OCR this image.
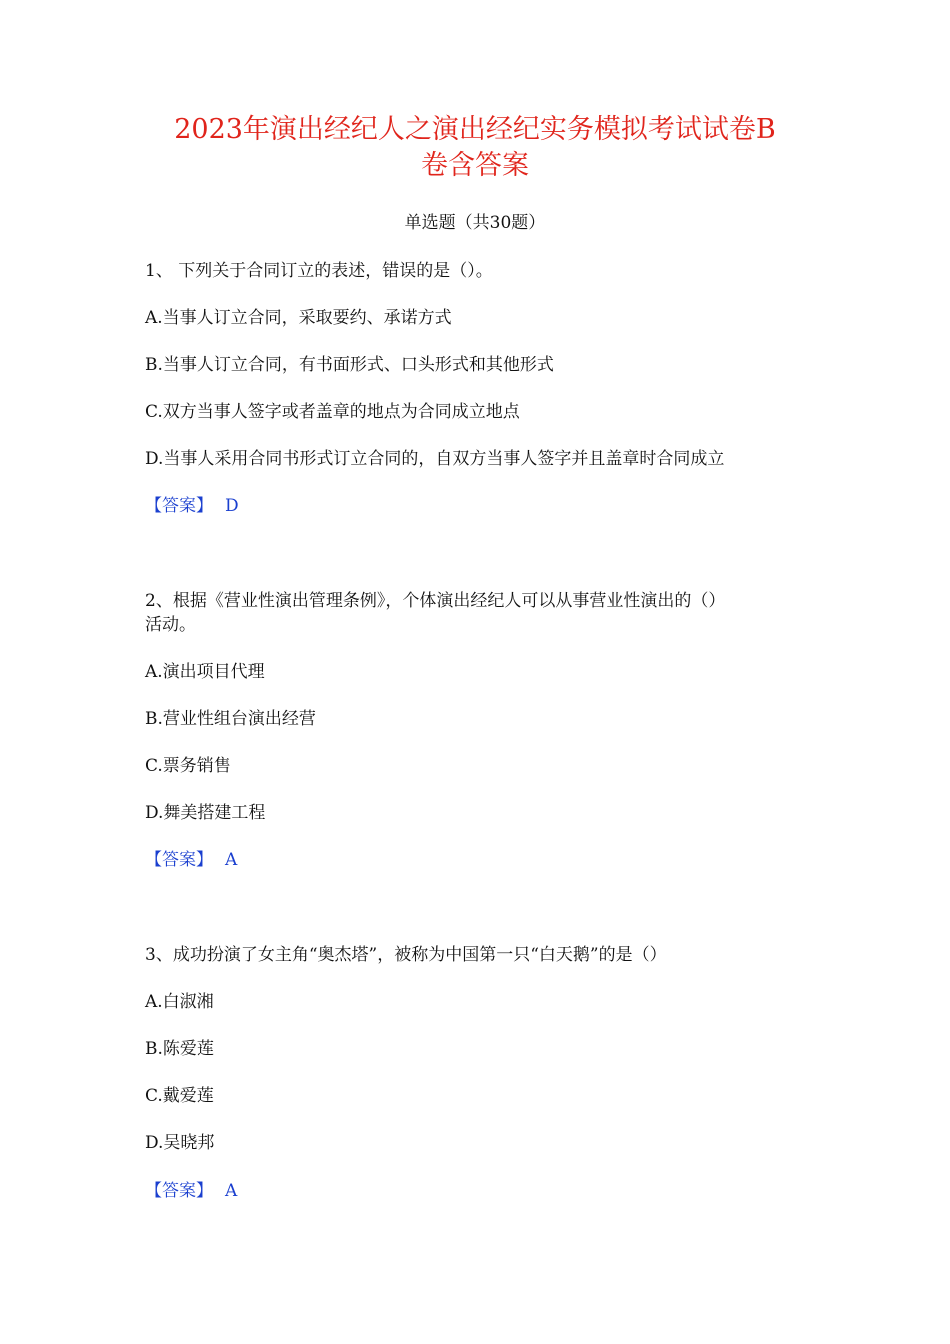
2023年演出经纪人之演出经纪实务模拟考试试卷B
卷含答案
单选题（共30题）
1、 下列关于合同订立的表述，错误的是（）。
A.当事人订立合同，采取要约、承诺方式
B.当事人订立合同，有书面形式、口头形式和其他形式
C.双方当事人签字或者盖章的地点为合同成立地点
D.当事人采用合同书形式订立合同的，自双方当事人签字并且盖章时合同成立
【答案】 D
2、根据《营业性演出管理条例》，个体演出经纪人可以从事营业性演出的（）
活动。
A.演出项目代理
B.营业性组台演出经营
C.票务销售
D.舞美搭建工程
【答案】 A
3、成功扮演了女主角“奥杰塔”，被称为中国第一只“白天鹅”的是（）
A.白淑湘
B.陈爱莲
C.戴爱莲
D.吴晓邦
【答案】 A
